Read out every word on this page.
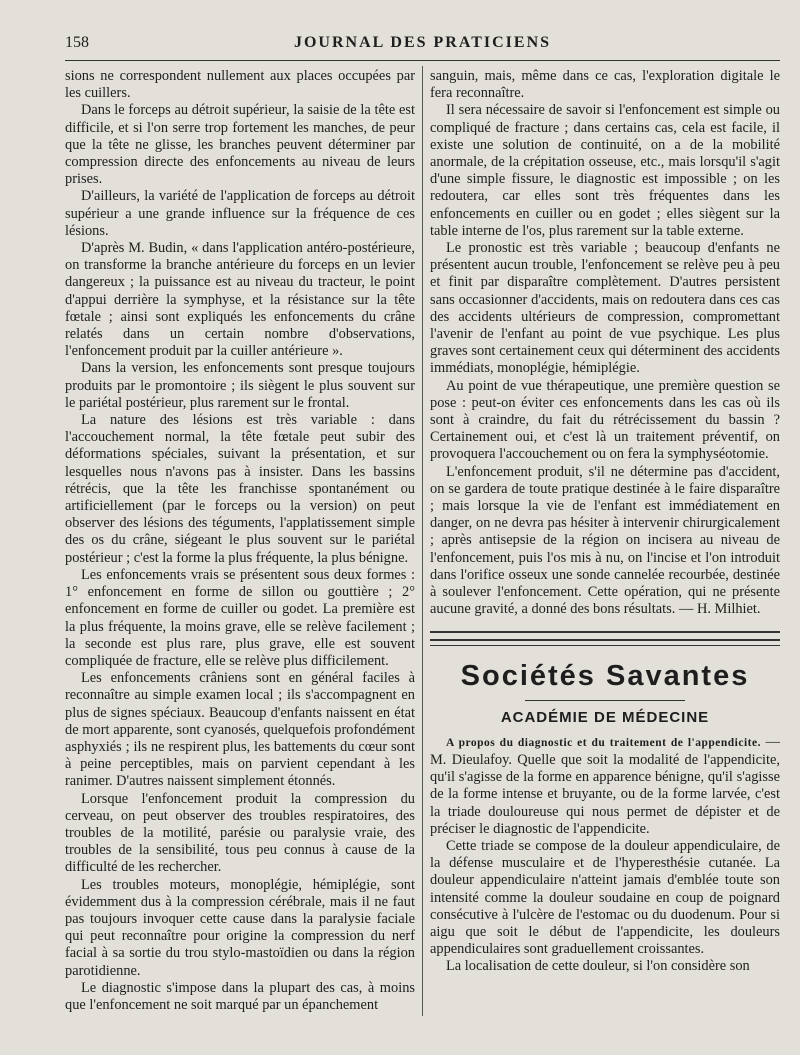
158	JOURNAL DES PRATICIENS

sions ne correspondent nullement aux places occupées par les cuillers.

Dans le forceps au détroit supérieur, la saisie de la tête est difficile, et si l'on serre trop fortement les manches, de peur que la tête ne glisse, les branches peuvent déterminer par compression directe des enfoncements au niveau de leurs prises.

D'ailleurs, la variété de l'application de forceps au détroit supérieur a une grande influence sur la fréquence de ces lésions.

D'après M. Budin, « dans l'application antéro-postérieure, on transforme la branche antérieure du forceps en un levier dangereux ; la puissance est au niveau du tracteur, le point d'appui derrière la symphyse, et la résistance sur la tête fœtale ; ainsi sont expliqués les enfoncements du crâne relatés dans un certain nombre d'observations, l'enfoncement produit par la cuiller antérieure ».

Dans la version, les enfoncements sont presque toujours produits par le promontoire ; ils siègent le plus souvent sur le pariétal postérieur, plus rarement sur le frontal.

La nature des lésions est très variable : dans l'accouchement normal, la tête fœtale peut subir des déformations spéciales, suivant la présentation, et sur lesquelles nous n'avons pas à insister. Dans les bassins rétrécis, que la tête les franchisse spontanément ou artificiellement (par le forceps ou la version) on peut observer des lésions des téguments, l'applatissement simple des os du crâne, siégeant le plus souvent sur le pariétal postérieur ; c'est la forme la plus fréquente, la plus bénigne.

Les enfoncements vrais se présentent sous deux formes : 1° enfoncement en forme de sillon ou gouttière ; 2° enfoncement en forme de cuiller ou godet. La première est la plus fréquente, la moins grave, elle se relève facilement ; la seconde est plus rare, plus grave, elle est souvent compliquée de fracture, elle se relève plus difficilement.

Les enfoncements crâniens sont en général faciles à reconnaître au simple examen local ; ils s'accompagnent en plus de signes spéciaux. Beaucoup d'enfants naissent en état de mort apparente, sont cyanosés, quelquefois profondément asphyxiés ; ils ne respirent plus, les battements du cœur sont à peine perceptibles, mais on parvient cependant à les ranimer. D'autres naissent simplement étonnés.

Lorsque l'enfoncement produit la compression du cerveau, on peut observer des troubles respiratoires, des troubles de la motilité, parésie ou paralysie vraie, des troubles de la sensibilité, tous peu connus à cause de la difficulté de les rechercher.

Les troubles moteurs, monoplégie, hémiplégie, sont évidemment dus à la compression cérébrale, mais il ne faut pas toujours invoquer cette cause dans la paralysie faciale qui peut reconnaître pour origine la compression du nerf facial à sa sortie du trou stylo-mastoïdien ou dans la région parotidienne.

Le diagnostic s'impose dans la plupart des cas, à moins que l'enfoncement ne soit marqué par un épanchement

sanguin, mais, même dans ce cas, l'exploration digitale le fera reconnaître.

Il sera nécessaire de savoir si l'enfoncement est simple ou compliqué de fracture ; dans certains cas, cela est facile, il existe une solution de continuité, on a de la mobilité anormale, de la crépitation osseuse, etc., mais lorsqu'il s'agit d'une simple fissure, le diagnostic est impossible ; on les redoutera, car elles sont très fréquentes dans les enfoncements en cuiller ou en godet ; elles siègent sur la table interne de l'os, plus rarement sur la table externe.

Le pronostic est très variable ; beaucoup d'enfants ne présentent aucun trouble, l'enfoncement se relève peu à peu et finit par disparaître complètement. D'autres persistent sans occasionner d'accidents, mais on redoutera dans ces cas des accidents ultérieurs de compression, compromettant l'avenir de l'enfant au point de vue psychique. Les plus graves sont certainement ceux qui déterminent des accidents immédiats, monoplégie, hémiplégie.

Au point de vue thérapeutique, une première question se pose : peut-on éviter ces enfoncements dans les cas où ils sont à craindre, du fait du rétrécissement du bassin ? Certainement oui, et c'est là un traitement préventif, on provoquera l'accouchement ou on fera la symphyséotomie.

L'enfoncement produit, s'il ne détermine pas d'accident, on se gardera de toute pratique destinée à le faire disparaître ; mais lorsque la vie de l'enfant est immédiatement en danger, on ne devra pas hésiter à intervenir chirurgicalement ; après antisepsie de la région on incisera au niveau de l'enfoncement, puis l'os mis à nu, on l'incise et l'on introduit dans l'orifice osseux une sonde cannelée recourbée, destinée à soulever l'enfoncement. Cette opération, qui ne présente aucune gravité, a donné des bons résultats. — H. Milhiet.

Sociétés Savantes
ACADÉMIE DE MÉDECINE

A propos du diagnostic et du traitement de l'appendicite. — M. Dieulafoy. Quelle que soit la modalité de l'appendicite, qu'il s'agisse de la forme en apparence bénigne, qu'il s'agisse de la forme intense et bruyante, ou de la forme larvée, c'est la triade douloureuse qui nous permet de dépister et de préciser le diagnostic de l'appendicite.

Cette triade se compose de la douleur appendiculaire, de la défense musculaire et de l'hyperesthésie cutanée. La douleur appendiculaire n'atteint jamais d'emblée toute son intensité comme la douleur soudaine en coup de poignard consécutive à l'ulcère de l'estomac ou du duodenum. Pour si aigu que soit le début de l'appendicite, les douleurs appendiculaires sont graduellement croissantes.

La localisation de cette douleur, si l'on considère son
